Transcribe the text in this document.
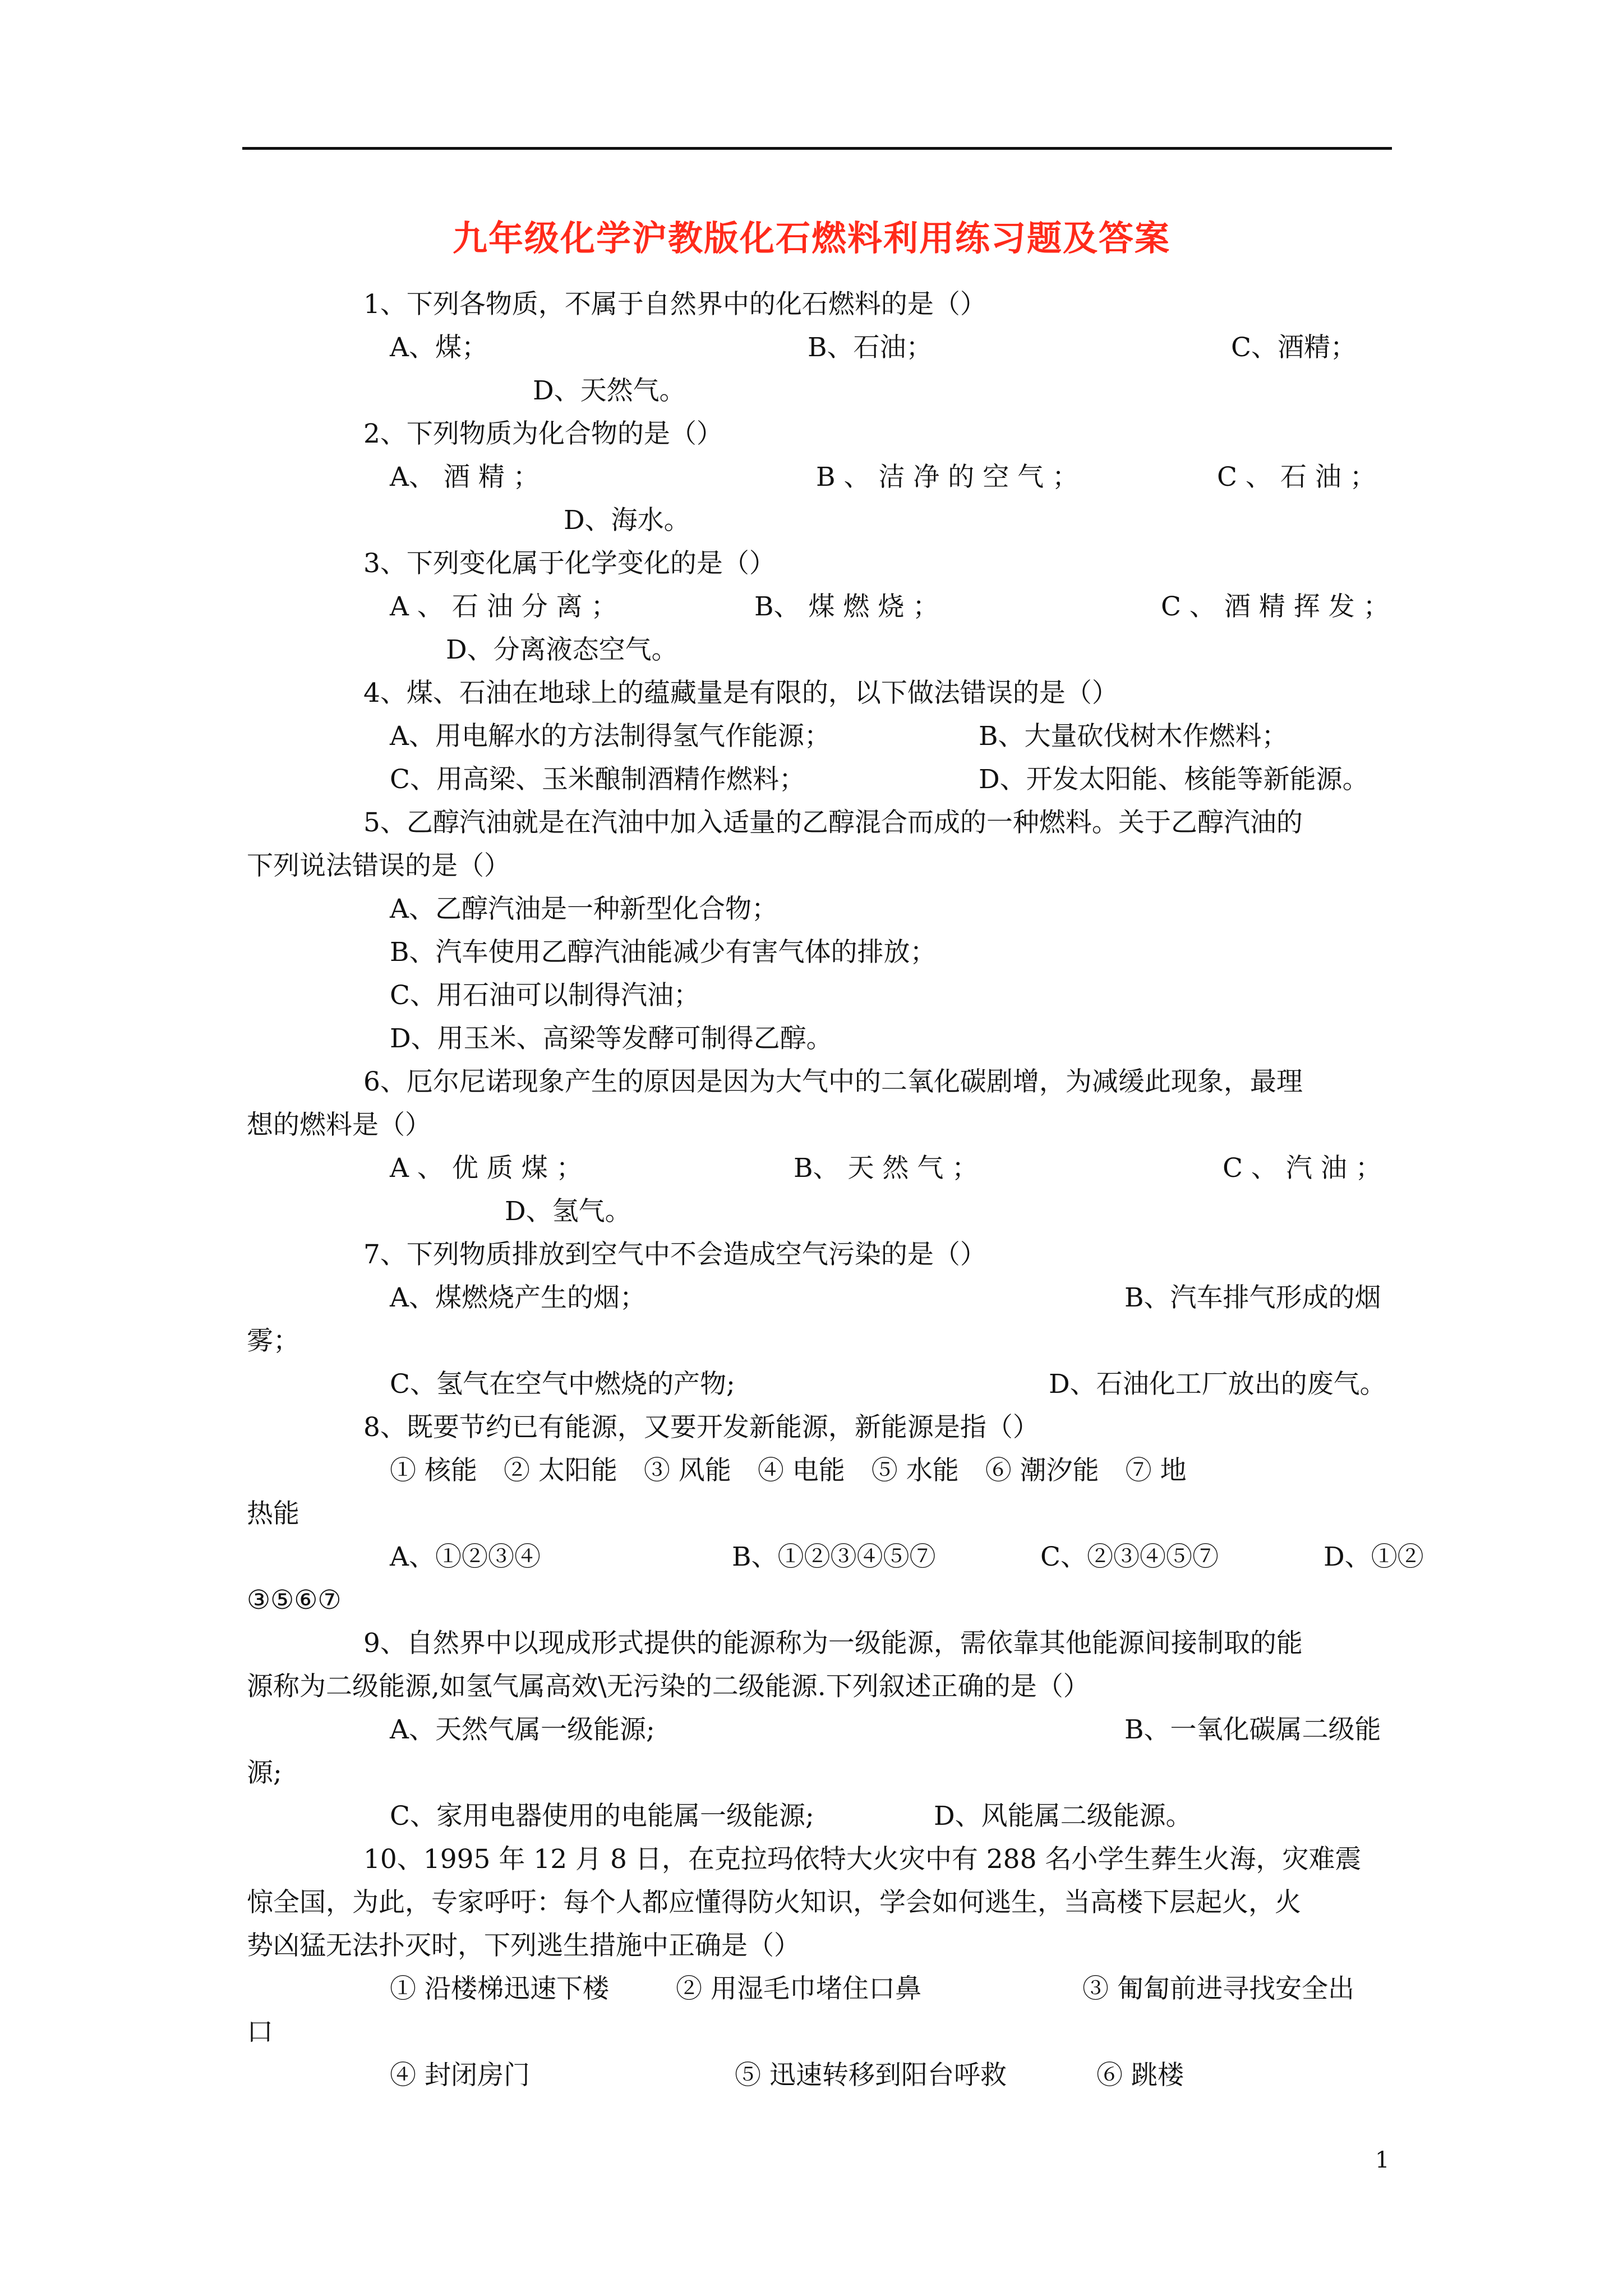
九年级化学沪教版化石燃料利用练习题及答案
1、下列各物质，不属于自然界中的化石燃料的是（）
A、煤；	B、石油；	C、酒精；
D、天然气。
2、下列物质为化合物的是（）
A、 酒 精 ；	B 、 洁 净 的 空 气 ；	C 、 石 油 ；
D、海水。
3、下列变化属于化学变化的是（）
A 、 石 油 分 离 ；	B、 煤 燃 烧 ；	C 、 酒 精 挥 发 ；
D、分离液态空气。
4、煤、石油在地球上的蕴藏量是有限的，以下做法错误的是（）
A、用电解水的方法制得氢气作能源；	B、大量砍伐树木作燃料；
C、用高梁、玉米酿制酒精作燃料；	D、开发太阳能、核能等新能源。
5、乙醇汽油就是在汽油中加入适量的乙醇混合而成的一种燃料。关于乙醇汽油的
下列说法错误的是（）
A、乙醇汽油是一种新型化合物；
B、汽车使用乙醇汽油能减少有害气体的排放；
C、用石油可以制得汽油；
D、用玉米、高梁等发酵可制得乙醇。
6、厄尔尼诺现象产生的原因是因为大气中的二氧化碳剧增，为减缓此现象，最理
想的燃料是（）
A 、 优 质 煤 ；	B、 天 然 气 ；	C 、 汽 油 ；
D、氢气。
7、下列物质排放到空气中不会造成空气污染的是（）
A、煤燃烧产生的烟；	B、汽车排气形成的烟
雾；
C、氢气在空气中燃烧的产物;	D、石油化工厂放出的废气。
8、既要节约已有能源，又要开发新能源，新能源是指（）
① 核能　② 太阳能　③ 风能　④ 电能　⑤ 水能　⑥ 潮汐能　⑦ 地
热能
A、①②③④	B、①②③④⑤⑦	C、②③④⑤⑦	D、①②
③⑤⑥⑦
9、自然界中以现成形式提供的能源称为一级能源，需依靠其他能源间接制取的能
源称为二级能源,如氢气属高效\无污染的二级能源.下列叙述正确的是（）
A、天然气属一级能源;	B、一氧化碳属二级能
源;
C、家用电器使用的电能属一级能源;	D、风能属二级能源。
10、1995 年 12 月 8 日，在克拉玛依特大火灾中有 288 名小学生葬生火海，灾难震
惊全国，为此，专家呼吁：每个人都应懂得防火知识，学会如何逃生，当高楼下层起火，火
势凶猛无法扑灭时，下列逃生措施中正确是（）
① 沿楼梯迅速下楼	② 用湿毛巾堵住口鼻	③ 匍匐前进寻找安全出
口
④ 封闭房门	⑤ 迅速转移到阳台呼救	⑥ 跳楼
1
